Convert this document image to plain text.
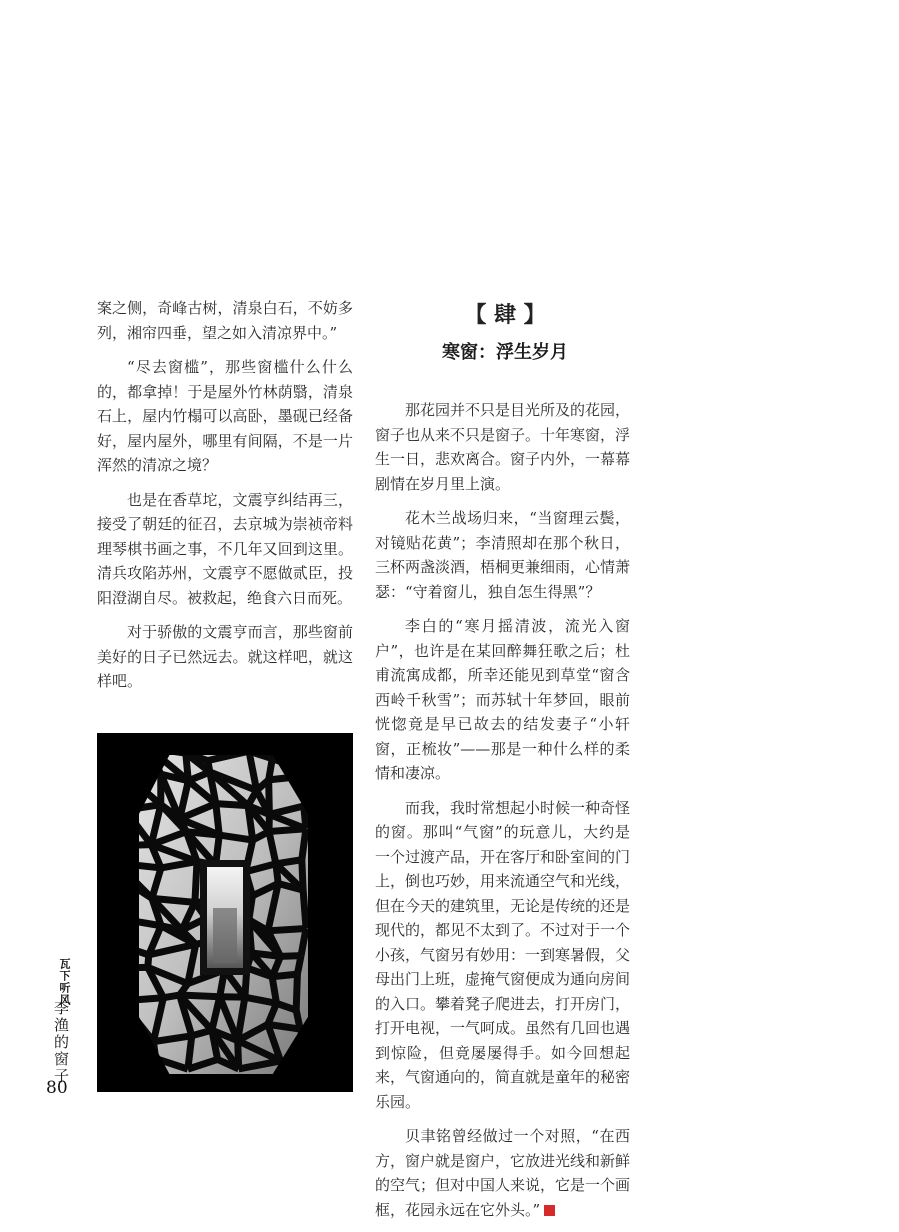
案之侧，奇峰古树，清泉白石，不妨多列，湘帘四垂，望之如入清凉界中。”

“尽去窗槛”，那些窗槛什么什么的，都拿掉！于是屋外竹林荫翳，清泉石上，屋内竹榻可以高卧，墨砚已经备好，屋内屋外，哪里有间隔，不是一片浑然的清凉之境？

也是在香草坨，文震亨纠结再三，接受了朝廷的征召，去京城为崇祯帝料理琴棋书画之事，不几年又回到这里。清兵攻陷苏州，文震亨不愿做贰臣，投阳澄湖自尽。被救起，绝食六日而死。

对于骄傲的文震亨而言，那些窗前美好的日子已然远去。就这样吧，就这样吧。

【 肆 】
寒窗：浮生岁月

那花园并不只是目光所及的花园，窗子也从来不只是窗子。十年寒窗，浮生一日，悲欢离合。窗子内外，一幕幕剧情在岁月里上演。

花木兰战场归来，“当窗理云鬓，对镜贴花黄”；李清照却在那个秋日，三杯两盏淡酒，梧桐更兼细雨，心情萧瑟：“守着窗儿，独自怎生得黑”？

李白的“寒月摇清波，流光入窗户”，也许是在某回醉舞狂歌之后；杜甫流寓成都，所幸还能见到草堂“窗含西岭千秋雪”；而苏轼十年梦回，眼前恍惚竟是早已故去的结发妻子“小轩窗，正梳妆”——那是一种什么样的柔情和凄凉。

而我，我时常想起小时候一种奇怪的窗。那叫“气窗”的玩意儿，大约是一个过渡产品，开在客厅和卧室间的门上，倒也巧妙，用来流通空气和光线，但在今天的建筑里，无论是传统的还是现代的，都见不太到了。不过对于一个小孩，气窗另有妙用：一到寒暑假，父母出门上班，虚掩气窗便成为通向房间的入口。攀着凳子爬进去，打开房门，打开电视，一气呵成。虽然有几回也遇到惊险，但竟屡屡得手。如今回想起来，气窗通向的，简直就是童年的秘密乐园。

贝聿铭曾经做过一个对照，“在西方，窗户就是窗户，它放进光线和新鲜的空气；但对中国人来说，它是一个画框，花园永远在它外头。”

瓦下听风
李渔的窗子
80
